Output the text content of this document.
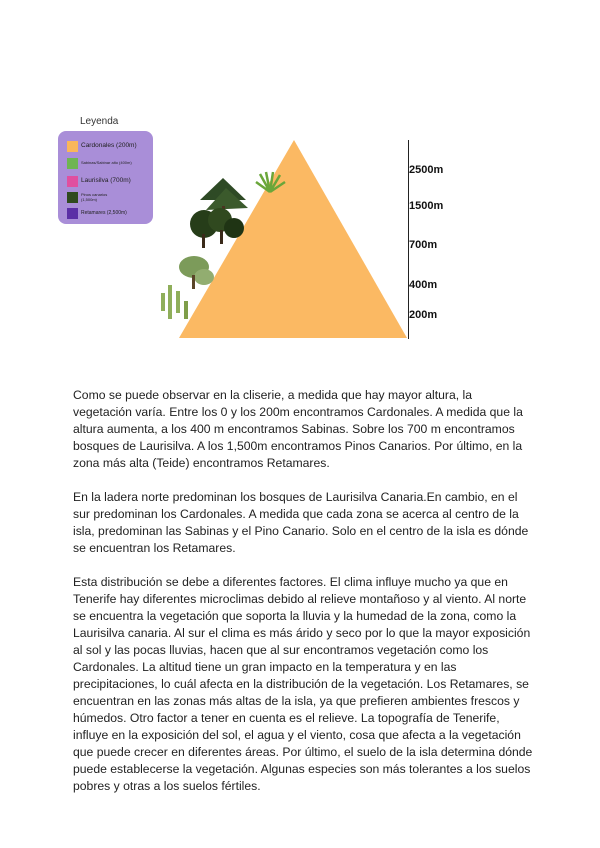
Leyenda
Cardonales (200m)
Sabinas/Sabinar alto (400m)
Laurisilva (700m)
Pinos canarios (1,500m)
Retamares (2,500m)
2500m
1500m
700m
400m
200m

Como se puede observar en la cliserie, a medida que hay mayor altura, la vegetación varía. Entre los 0 y los 200m encontramos Cardonales. A medida que la altura aumenta, a los 400 m encontramos Sabinas. Sobre los 700 m encontramos bosques de Laurisilva. A los 1,500m encontramos Pinos Canarios. Por último, en la zona más alta (Teide) encontramos Retamares.

En la ladera norte predominan los bosques de Laurisilva Canaria.En cambio, en el sur predominan los Cardonales. A medida que cada zona se acerca al centro de la isla, predominan las Sabinas y el Pino Canario. Solo en el centro de la isla es dónde se encuentran los Retamares.

Esta distribución se debe a diferentes factores. El clima influye mucho ya que en Tenerife hay diferentes microclimas debido al relieve montañoso y al viento. Al norte se encuentra la vegetación que soporta la lluvia y la humedad de la zona, como la Laurisilva canaria. Al sur el clima es más árido y seco por lo que la mayor exposición al sol y las pocas lluvias, hacen que al sur encontramos vegetación como los Cardonales. La altitud tiene un gran impacto en la temperatura y en las precipitaciones, lo cuál afecta en la distribución de la vegetación. Los Retamares, se encuentran en las zonas más altas de la isla, ya que prefieren ambientes frescos y húmedos. Otro factor a tener en cuenta es el relieve. La topografía de Tenerife, influye en la exposición del sol, el agua y el viento, cosa que afecta a la vegetación que puede crecer en diferentes áreas. Por último, el suelo de la isla determina dónde puede establecerse la vegetación. Algunas especies son más tolerantes a los suelos pobres y otras a los suelos fértiles.
